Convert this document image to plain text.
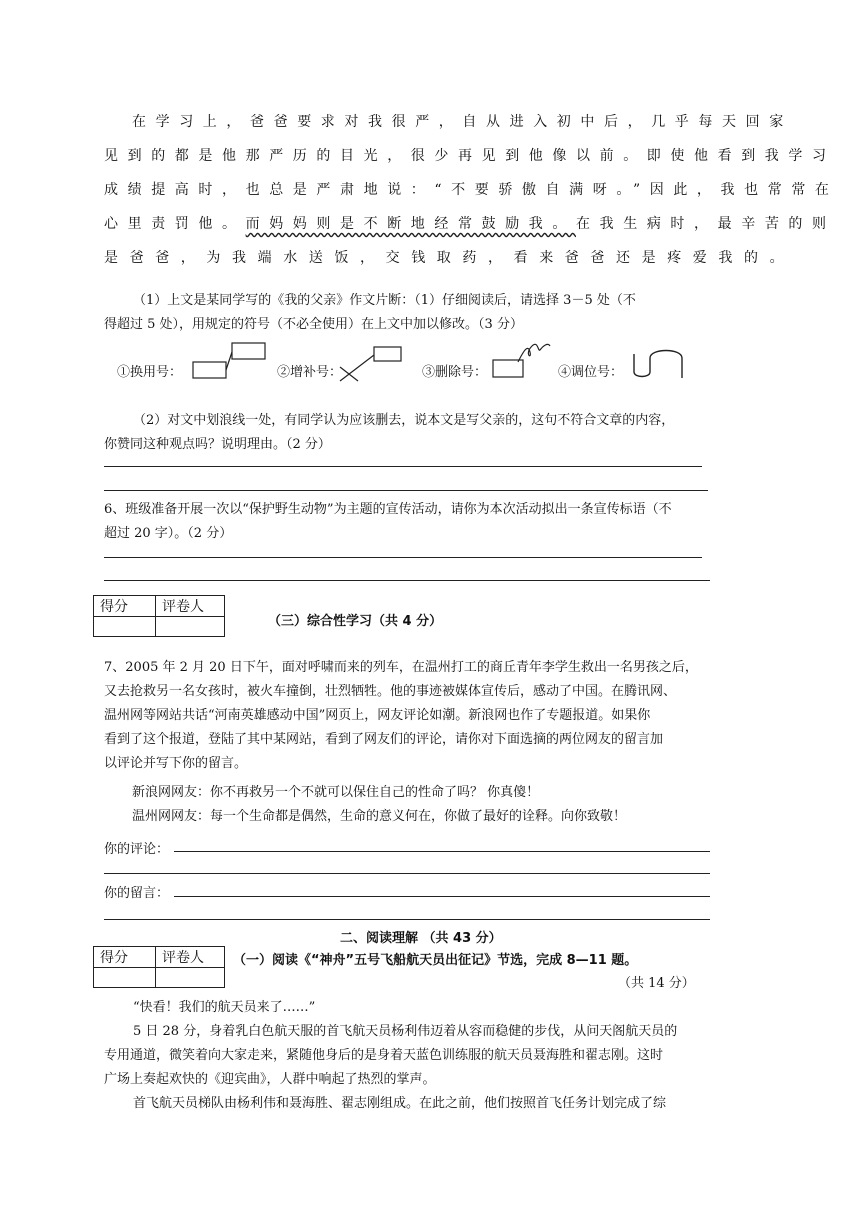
在学习上，爸爸要求对我很严，自从进入初中后，几乎每天回家
见到的都是他那严历的目光，很少再见到他像以前。即使他看到我学习
成绩提高时，也总是严肃地说：“不要骄傲自满呀。”因此，我也常常在
心里责罚他。而妈妈则是不断地经常鼓励我。在我生病时，最辛苦的则
是爸爸，为我端水送饭，交钱取药，看来爸爸还是疼爱我的。
（1）上文是某同学写的《我的父亲》作文片断：（1）仔细阅读后，请选择 3－5 处（不
得超过 5 处），用规定的符号（不必全使用）在上文中加以修改。（3 分）
①换用号：	②增补号：	③删除号：	④调位号：
（2）对文中划浪线一处，有同学认为应该删去，说本文是写父亲的，这句不符合文章的内容，
你赞同这种观点吗？说明理由。（2 分）
6、班级准备开展一次以“保护野生动物”为主题的宣传活动，请你为本次活动拟出一条宣传标语（不
超过 20 字）。（2 分）
得分	评卷人

（三）综合性学习（共 4 分）
7、2005 年 2 月 20 日下午，面对呼啸而来的列车，在温州打工的商丘青年李学生救出一名男孩之后，
又去抢救另一名女孩时，被火车撞倒，壮烈牺牲。他的事迹被媒体宣传后，感动了中国。在腾讯网、
温州网等网站共话“河南英雄感动中国”网页上，网友评论如潮。新浪网也作了专题报道。如果你
看到了这个报道，登陆了其中某网站，看到了网友们的评论，请你对下面选摘的两位网友的留言加
以评论并写下你的留言。
新浪网网友：你不再救另一个不就可以保住自己的性命了吗？ 你真傻！
温州网网友：每一个生命都是偶然，生命的意义何在，你做了最好的诠释。向你致敬！
你的评论：
你的留言：
二、阅读理解 （共 43 分）
得分	评卷人
	（一）阅读《“神舟”五号飞船航天员出征记》节选，完成 8—11 题。
（共 14 分）
“快看！我们的航天员来了……”
5 日 28 分，身着乳白色航天服的首飞航天员杨利伟迈着从容而稳健的步伐，从问天阁航天员的
专用通道，微笑着向大家走来，紧随他身后的是身着天蓝色训练服的航天员聂海胜和翟志刚。这时
广场上奏起欢快的《迎宾曲》，人群中响起了热烈的掌声。
首飞航天员梯队由杨利伟和聂海胜、翟志刚组成。在此之前，他们按照首飞任务计划完成了综
